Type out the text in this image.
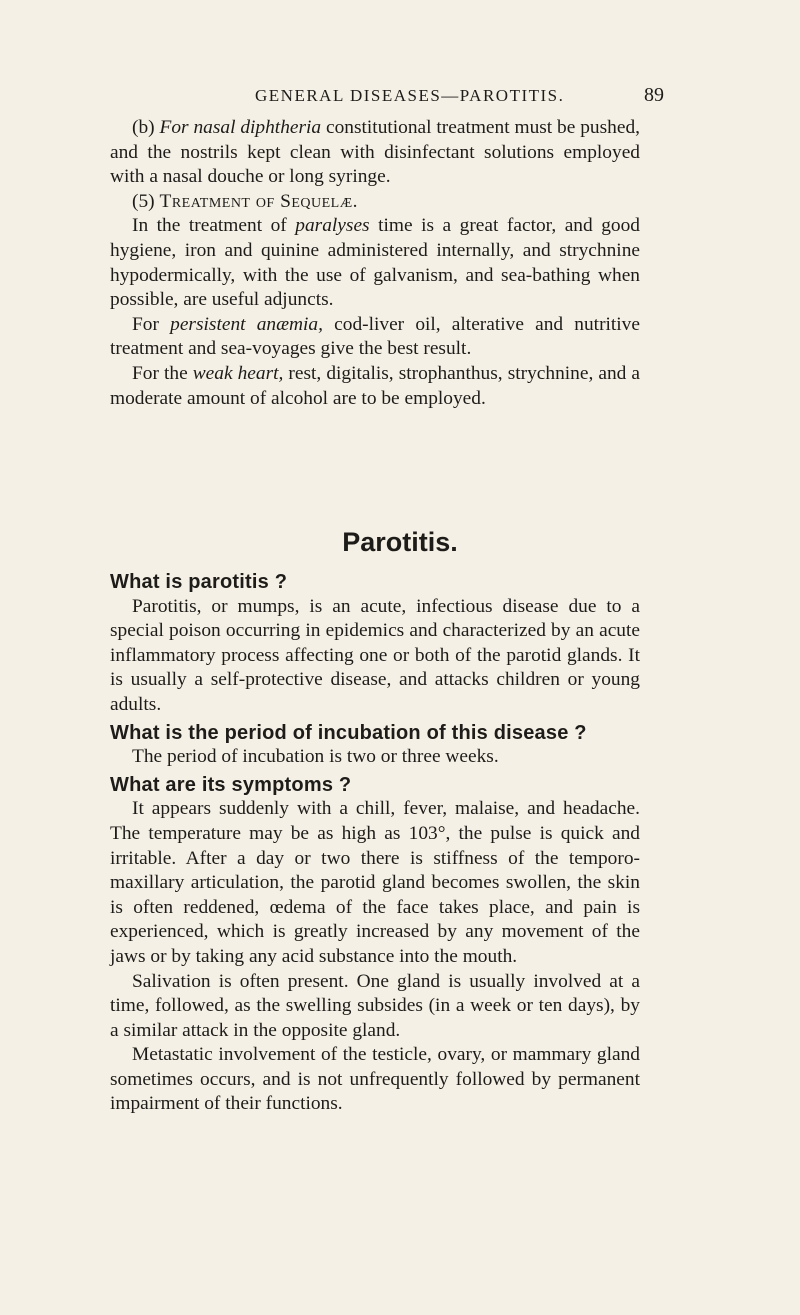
GENERAL DISEASES—PAROTITIS.	89

(b) For nasal diphtheria constitutional treatment must be pushed, and the nostrils kept clean with disinfectant solutions employed with a nasal douche or long syringe.

(5) Treatment of Sequelæ.

In the treatment of paralyses time is a great factor, and good hygiene, iron and quinine administered internally, and strychnine hypodermically, with the use of galvanism, and sea-bathing when possible, are useful adjuncts.

For persistent anæmia, cod-liver oil, alterative and nutritive treatment and sea-voyages give the best result.

For the weak heart, rest, digitalis, strophanthus, strychnine, and a moderate amount of alcohol are to be employed.

Parotitis.

What is parotitis ?

Parotitis, or mumps, is an acute, infectious disease due to a special poison occurring in epidemics and characterized by an acute inflammatory process affecting one or both of the parotid glands. It is usually a self-protective disease, and attacks children or young adults.

What is the period of incubation of this disease ?

The period of incubation is two or three weeks.

What are its symptoms ?

It appears suddenly with a chill, fever, malaise, and headache. The temperature may be as high as 103°, the pulse is quick and irritable. After a day or two there is stiffness of the temporo-maxillary articulation, the parotid gland becomes swollen, the skin is often reddened, œdema of the face takes place, and pain is experienced, which is greatly increased by any movement of the jaws or by taking any acid substance into the mouth.

Salivation is often present. One gland is usually involved at a time, followed, as the swelling subsides (in a week or ten days), by a similar attack in the opposite gland.

Metastatic involvement of the testicle, ovary, or mammary gland sometimes occurs, and is not unfrequently followed by permanent impairment of their functions.
